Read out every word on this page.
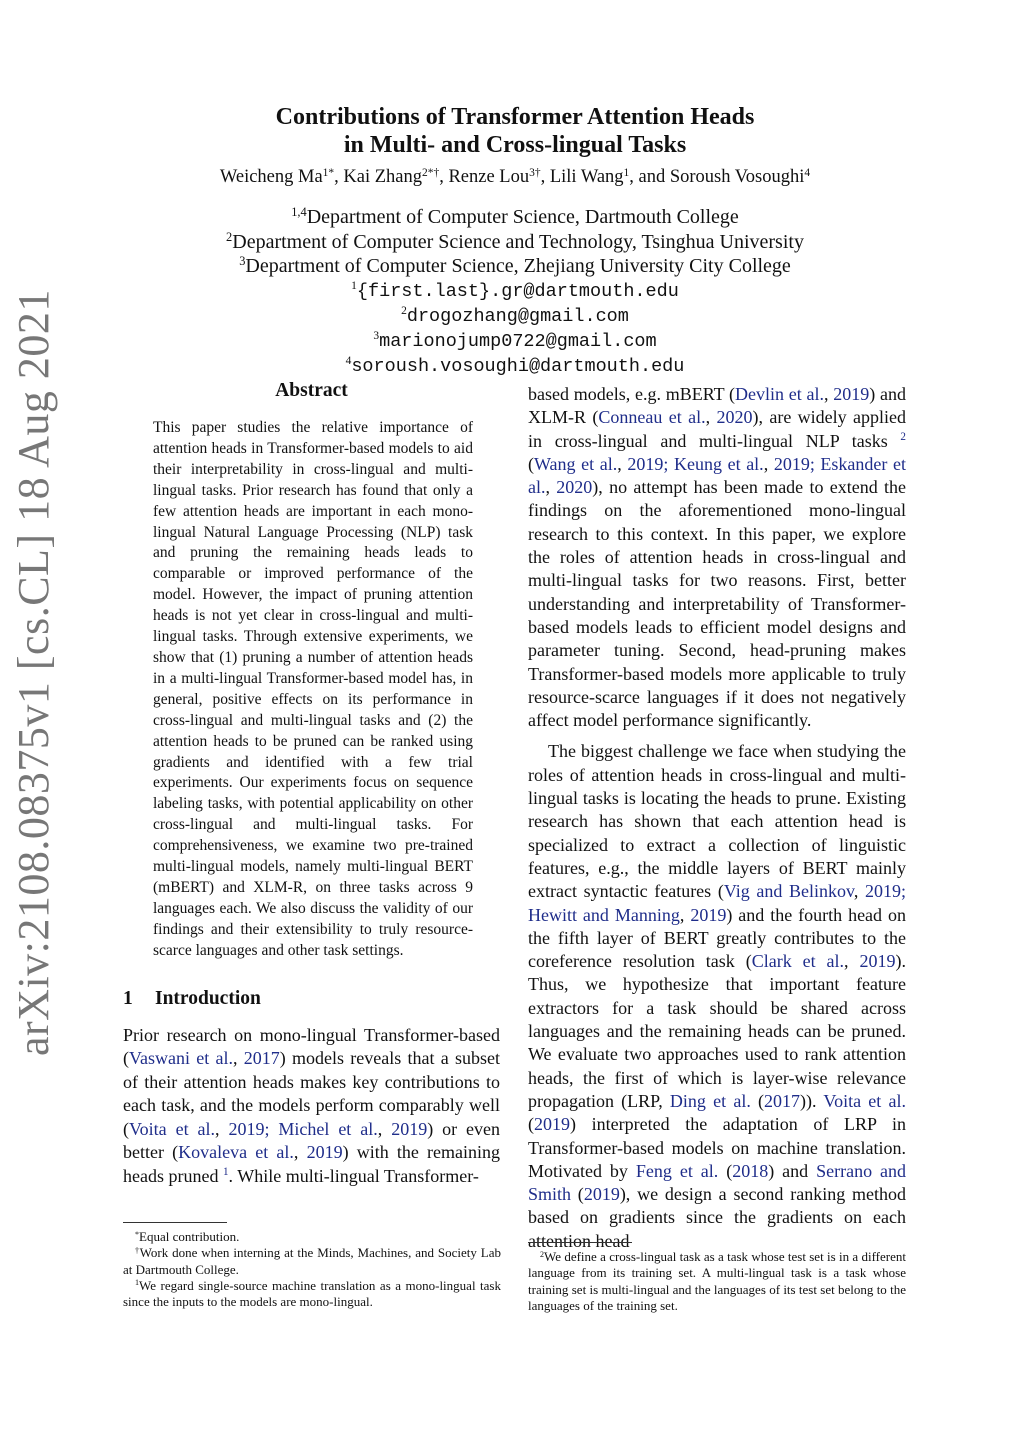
arXiv:2108.08375v1 [cs.CL] 18 Aug 2021
Contributions of Transformer Attention Heads
in Multi- and Cross-lingual Tasks
Weicheng $Ma^{1*}$, Kai Zhang$^{2*\dagger}$, Renze Lou$^{3\dagger}$, Lili Wang$^1$, and Soroush Vosoughi$^4$
$^{1,4}$Department of Computer Science, Dartmouth College
$^2$Department of Computer Science and Technology, Tsinghua University
$^3$Department of Computer Science, Zhejiang University City College
$^1${first.last}.gr@dartmouth.edu
$^2$drogozhang@gmail.com
$^3$marionojump0722@gmail.com
$^4$soroush.vosoughi@dartmouth.edu
Abstract
This paper studies the relative importance of attention heads in Transformer-based models to aid their interpretability in cross-lingual and multi-lingual tasks. Prior research has found that only a few attention heads are important in each mono-lingual Natural Language Processing (NLP) task and pruning the remaining heads leads to comparable or improved performance of the model. However, the impact of pruning attention heads is not yet clear in cross-lingual and multi-lingual tasks. Through extensive experiments, we show that (1) pruning a number of attention heads in a multi-lingual Transformer-based model has, in general, positive effects on its performance in cross-lingual and multi-lingual tasks and (2) the attention heads to be pruned can be ranked using gradients and identified with a few trial experiments. Our experiments focus on sequence labeling tasks, with potential applicability on other cross-lingual and multi-lingual tasks. For comprehensiveness, we examine two pre-trained multi-lingual models, namely multi-lingual BERT (mBERT) and XLM-R, on three tasks across 9 languages each. We also discuss the validity of our findings and their extensibility to truly resource-scarce languages and other task settings.
1 Introduction

Prior research on mono-lingual Transformer-based (Vaswani et al., 2017) models reveals that a subset of their attention heads makes key contributions to each task, and the models perform comparably well (Voita et al., 2019; Michel et al., 2019) or even better (Kovaleva et al., 2019) with the remaining heads pruned $^1$. While multi-lingual Transformer-

*Equal contribution.
†Work done when interning at the Minds, Machines, and Society Lab at Dartmouth College.
$^1$We regard single-source machine translation as a mono-lingual task since the inputs to the models are mono-lingual.

based models, e.g. mBERT (Devlin et al., 2019) and XLM-R (Conneau et al., 2020), are widely applied in cross-lingual and multi-lingual NLP tasks $^2$ (Wang et al., 2019; Keung et al., 2019; Eskander et al., 2020), no attempt has been made to extend the findings on the aforementioned mono-lingual research to this context. In this paper, we explore the roles of attention heads in cross-lingual and multi-lingual tasks for two reasons. First, better understanding and interpretability of Transformer-based models leads to efficient model designs and parameter tuning. Second, head-pruning makes Transformer-based models more applicable to truly resource-scarce languages if it does not negatively affect model performance significantly.

The biggest challenge we face when studying the roles of attention heads in cross-lingual and multi-lingual tasks is locating the heads to prune. Existing research has shown that each attention head is specialized to extract a collection of linguistic features, e.g., the middle layers of BERT mainly extract syntactic features (Vig and Belinkov, 2019; Hewitt and Manning, 2019) and the fourth head on the fifth layer of BERT greatly contributes to the coreference resolution task (Clark et al., 2019). Thus, we hypothesize that important feature extractors for a task should be shared across languages and the remaining heads can be pruned. We evaluate two approaches used to rank attention heads, the first of which is layer-wise relevance propagation (LRP, Ding et al. (2017)). Voita et al. (2019) interpreted the adaptation of LRP in Transformer-based models on machine translation. Motivated by Feng et al. (2018) and Serrano and Smith (2019), we design a second ranking method based on gradients since the gradients on each attention head

$^2$We define a cross-lingual task as a task whose test set is in a different language from its training set. A multi-lingual task is a task whose training set is multi-lingual and the languages of its test set belong to the languages of the training set.
